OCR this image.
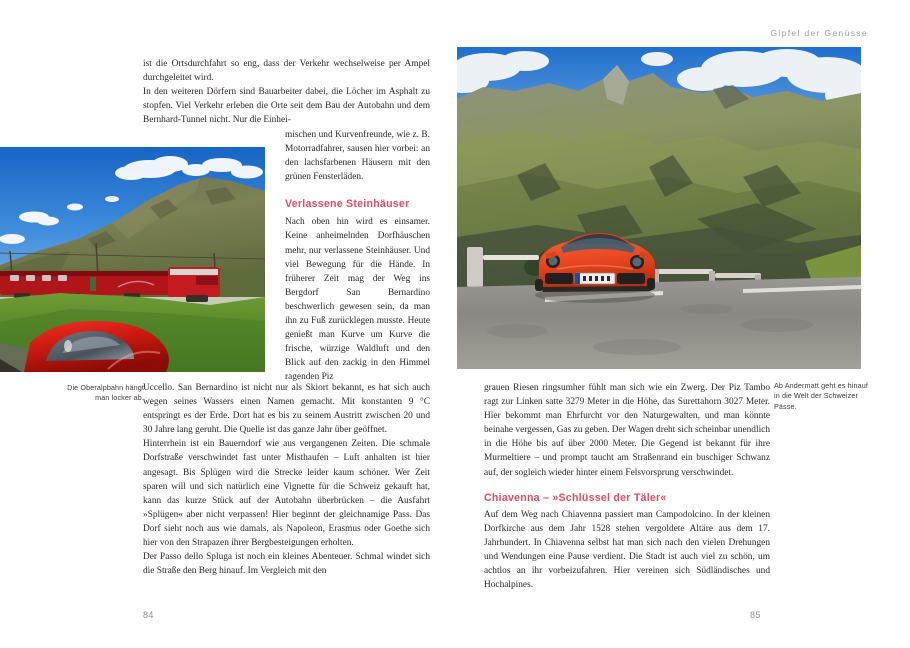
Gipfel der Genüsse

ist die Ortsdurchfahrt so eng, dass der Verkehr wechselweise per Ampel durchgeleitet wird.

In den weiteren Dörfern sind Bauarbeiter dabei, die Löcher im Asphalt zu stopfen. Viel Verkehr erleben die Orte seit dem Bau der Autobahn und dem Bernhard-Tunnel nicht. Nur die Einhei-

mischen und Kurvenfreunde, wie z. B. Motorradfahrer, sausen hier vorbei: an den lachsfarbenen Häusern mit den grünen Fensterläden.

Verlassene Steinhäuser

Nach oben hin wird es einsamer. Keine anheimelnden Dorfhäuschen mehr, nur verlassene Steinhäuser. Und viel Bewegung für die Hände. In früherer Zeit mag der Weg ins Bergdorf San Bernardino beschwerlich gewesen sein, da man ihn zu Fuß zurücklegen musste. Heute genießt man Kurve um Kurve die frische, würzige Waldluft und den Blick auf den zackig in den Himmel ragenden Piz

Die Oberalpbahn hängt man locker ab.

Uccello. San Bernardino ist nicht nur als Skiort bekannt, es hat sich auch wegen seines Wassers einen Namen gemacht. Mit konstanten 9 °C entspringt es der Erde. Dort hat es bis zu seinem Austritt zwischen 20 und 30 Jahre lang geruht. Die Quelle ist das ganze Jahr über geöffnet.

Hinterrhein ist ein Bauerndorf wie aus vergangenen Zeiten. Die schmale Dorfstraße verschwindet fast unter Misthaufen – Luft anhalten ist hier angesagt. Bis Splügen wird die Strecke leider kaum schöner. Wer Zeit sparen will und sich natürlich eine Vignette für die Schweiz gekauft hat, kann das kurze Stück auf der Autobahn überbrücken – die Ausfahrt »Splügen« aber nicht verpassen! Hier beginnt der gleichnamige Pass. Das Dorf sieht noch aus wie damals, als Napoleon, Erasmus oder Goethe sich hier von den Strapazen ihrer Bergbesteigungen erholten.

Der Passo dello Spluga ist noch ein kleines Abenteuer. Schmal windet sich die Straße den Berg hinauf. Im Vergleich mit den

84
Ab Andermatt geht es hinauf in die Welt der Schweizer Pässe.

grauen Riesen ringsumher fühlt man sich wie ein Zwerg. Der Piz Tambo ragt zur Linken satte 3279 Meter in die Höhe, das Surettahorn 3027 Meter. Hier bekommt man Ehrfurcht vor den Naturgewalten, und man könnte beinahe vergessen, Gas zu geben. Der Wagen dreht sich scheinbar unendlich in die Höhe bis auf über 2000 Meter. Die Gegend ist bekannt für ihre Murmeltiere – und prompt taucht am Straßenrand ein buschiger Schwanz auf, der sogleich wieder hinter einem Felsvorsprung verschwindet.

Chiavenna – »Schlüssel der Täler«

Auf dem Weg nach Chiavenna passiert man Campodolcino. In der kleinen Dorfkirche aus dem Jahr 1528 stehen vergoldete Altäre aus dem 17. Jahrhundert. In Chiavenna selbst hat man sich nach den vielen Drehungen und Wendungen eine Pause verdient. Die Stadt ist auch viel zu schön, um achtlos an ihr vorbeizufahren. Hier vereinen sich Südländisches und Hochalpines.

85
